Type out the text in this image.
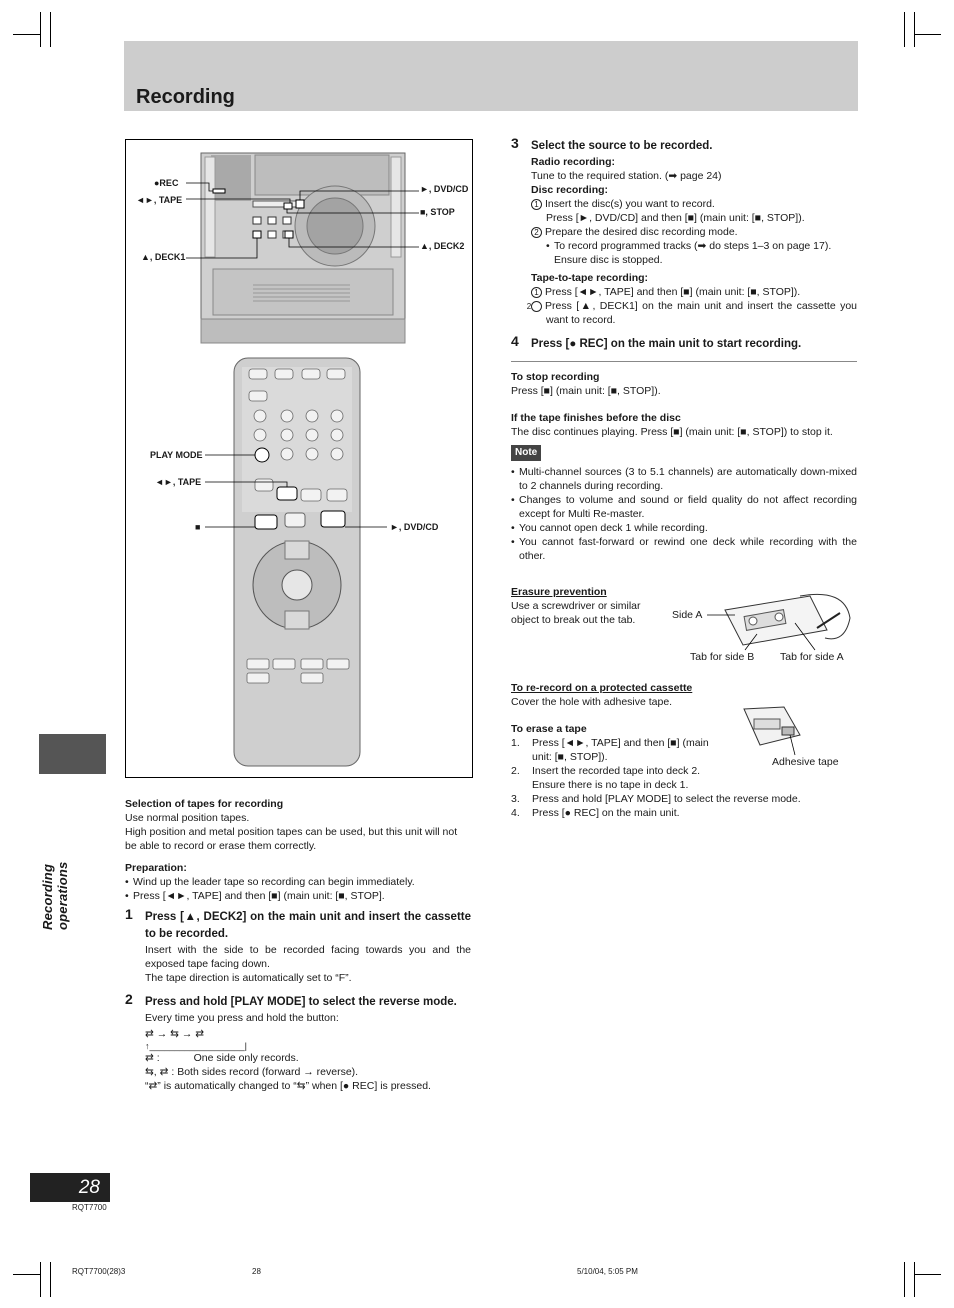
Recording
Recording operations
28
RQT7700
●REC
◄►, TAPE
►, DVD/CD
■, STOP
▲, DECK2
▲, DECK1
PLAY MODE
◄►, TAPE
■	►, DVD/CD

Selection of tapes for recording

Use normal position tapes.

High position and metal position tapes can be used, but this unit will not be able to record or erase them correctly.

Preparation:

• Wind up the leader tape so recording can begin immediately.

• Press [◄►, TAPE] and then [■] (main unit: [■, STOP].

1 Press [▲, DECK2] on the main unit and insert the cassette to be recorded.

Insert with the side to be recorded facing towards you and the exposed tape facing down.

The tape direction is automatically set to “F”.

2 Press and hold [PLAY MODE] to select the reverse mode.

Every time you press and hold the button:

⇄ → ⇆ → ⇄

↑___________________|

⇄ :	One side only records.

⇆, ⇄ : Both sides record (forward → reverse).

“⇄” is automatically changed to “⇆” when [● REC] is pressed.

3 Select the source to be recorded.

Radio recording:

Tune to the required station. (➡ page 24)

Disc recording:

1 Insert the disc(s) you want to record.

Press [►, DVD/CD] and then [■] (main unit: [■, STOP]).

2 Prepare the desired disc recording mode.

• To record programmed tracks (➡ do steps 1–3 on page 17). Ensure disc is stopped.

Tape-to-tape recording:

1 Press [◄►, TAPE] and then [■] (main unit: [■, STOP]).

2 Press [▲, DECK1] on the main unit and insert the cassette you want to record.

4 Press [● REC] on the main unit to start recording.

To stop recording

Press [■] (main unit: [■, STOP]).

If the tape finishes before the disc

The disc continues playing. Press [■] (main unit: [■, STOP]) to stop it.

Note

• Multi-channel sources (3 to 5.1 channels) are automatically down-mixed to 2 channels during recording.

• Changes to volume and sound or field quality do not affect recording except for Multi Re-master.

• You cannot open deck 1 while recording.

• You cannot fast-forward or rewind one deck while recording with the other.

Erasure prevention

Use a screwdriver or similar object to break out the tab.	Side A
Tab for side B Tab for side A

To re-record on a protected cassette

Cover the hole with adhesive tape.

Adhesive tape

To erase a tape

1. Press [◄►, TAPE] and then [■] (main unit: [■, STOP]).

2. Insert the recorded tape into deck 2. Ensure there is no tape in deck 1.

3. Press and hold [PLAY MODE] to select the reverse mode.

4. Press [● REC] on the main unit.

RQT7700(28)3	28	5/10/04, 5:05 PM
